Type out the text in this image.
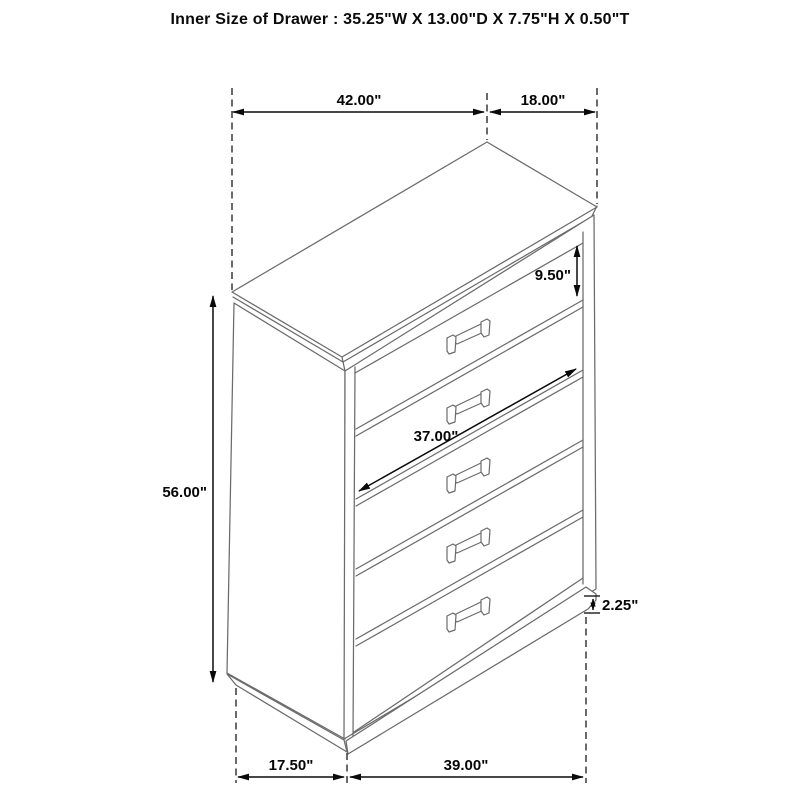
Inner Size of Drawer : 35.25"W X 13.00"D X 7.75"H X 0.50"T
42.00"	18.00"
9.50"
37.00"
56.00"
2.25"
17.50"	39.00"
